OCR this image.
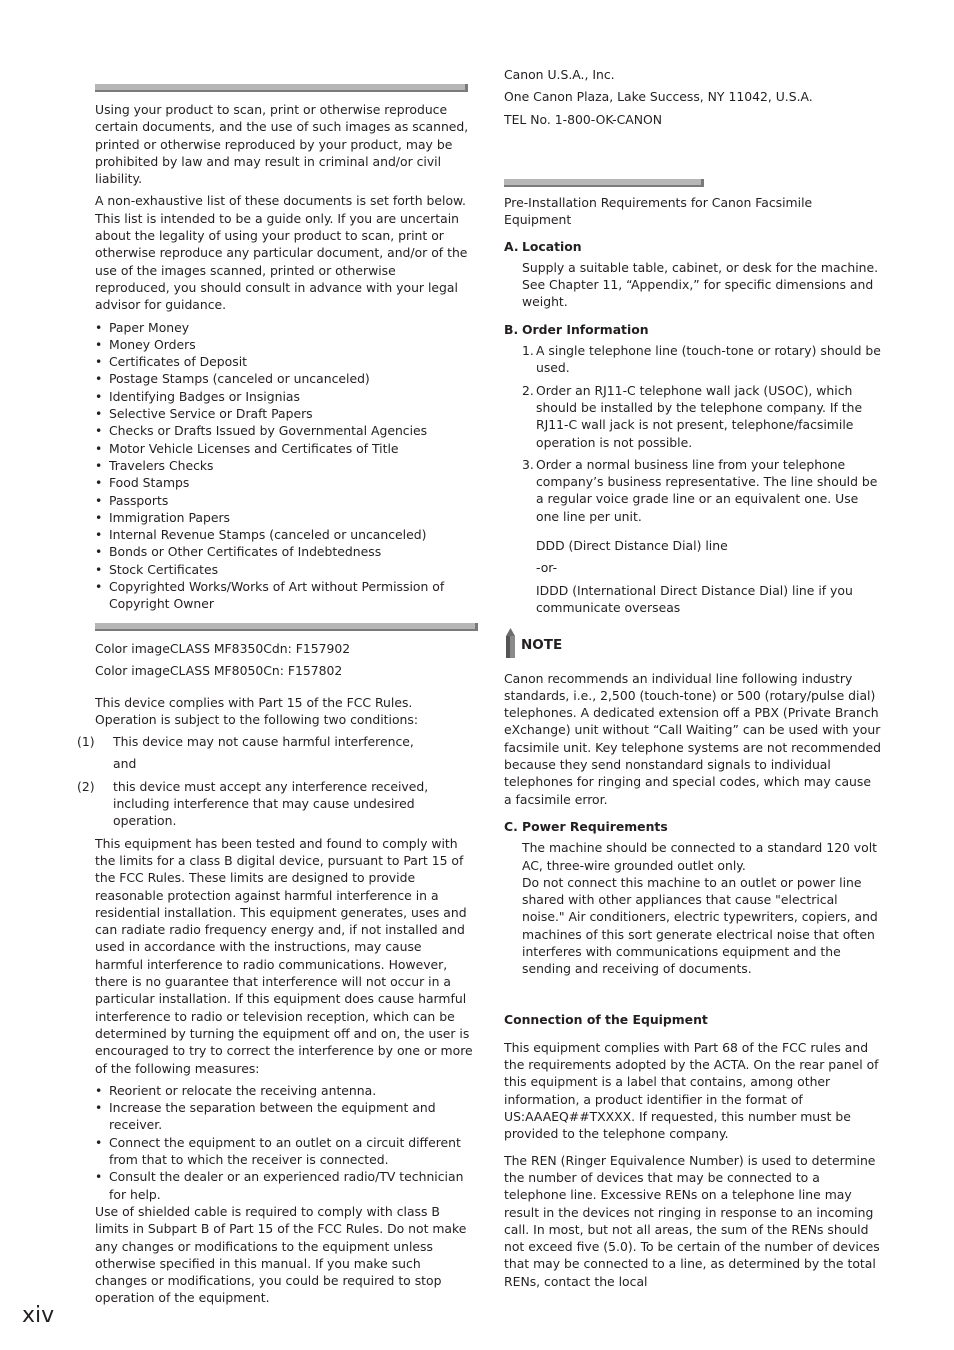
Using your product to scan, print or otherwise reproduce certain documents, and the use of such images as scanned, printed or otherwise reproduced by your product, may be prohibited by law and may result in criminal and/or civil liability.

A non-exhaustive list of these documents is set forth below. This list is intended to be a guide only. If you are uncertain about the legality of using your product to scan, print or otherwise reproduce any particular document, and/or of the use of the images scanned, printed or otherwise reproduced, you should consult in advance with your legal advisor for guidance.

• Paper Money
• Money Orders
• Certificates of Deposit
• Postage Stamps (canceled or uncanceled)
• Identifying Badges or Insignias
• Selective Service or Draft Papers
• Checks or Drafts Issued by Governmental Agencies
• Motor Vehicle Licenses and Certificates of Title
• Travelers Checks
• Food Stamps
• Passports
• Immigration Papers
• Internal Revenue Stamps (canceled or uncanceled)
• Bonds or Other Certificates of Indebtedness
• Stock Certificates
• Copyrighted Works/Works of Art without Permission of Copyright Owner

Color imageCLASS MF8350Cdn: F157902

Color imageCLASS MF8050Cn: F157802

This device complies with Part 15 of the FCC Rules. Operation is subject to the following two conditions:

(1) This device may not cause harmful interference,

and

(2) this device must accept any interference received, including interference that may cause undesired operation.

This equipment has been tested and found to comply with the limits for a class B digital device, pursuant to Part 15 of the FCC Rules. These limits are designed to provide reasonable protection against harmful interference in a residential installation. This equipment generates, uses and can radiate radio frequency energy and, if not installed and used in accordance with the instructions, may cause harmful interference to radio communications. However, there is no guarantee that interference will not occur in a particular installation. If this equipment does cause harmful interference to radio or television reception, which can be determined by turning the equipment off and on, the user is encouraged to try to correct the interference by one or more of the following measures:

• Reorient or relocate the receiving antenna.
• Increase the separation between the equipment and receiver.
• Connect the equipment to an outlet on a circuit different from that to which the receiver is connected.
• Consult the dealer or an experienced radio/TV technician for help.

Use of shielded cable is required to comply with class B limits in Subpart B of Part 15 of the FCC Rules. Do not make any changes or modifications to the equipment unless otherwise specified in this manual. If you make such changes or modifications, you could be required to stop operation of the equipment.

Canon U.S.A., Inc.

One Canon Plaza, Lake Success, NY 11042, U.S.A.

TEL No. 1-800-OK-CANON

Pre-Installation Requirements for Canon Facsimile Equipment

A. Location

Supply a suitable table, cabinet, or desk for the machine. See Chapter 11, “Appendix,” for specific dimensions and weight.

B. Order Information

1. A single telephone line (touch-tone or rotary) should be used.
2. Order an RJ11-C telephone wall jack (USOC), which should be installed by the telephone company. If the RJ11-C wall jack is not present, telephone/facsimile operation is not possible.
3. Order a normal business line from your telephone company’s business representative. The line should be a regular voice grade line or an equivalent one. Use one line per unit.

DDD (Direct Distance Dial) line

-or-

IDDD (International Direct Distance Dial) line if you communicate overseas

NOTE

Canon recommends an individual line following industry standards, i.e., 2,500 (touch-tone) or 500 (rotary/pulse dial) telephones. A dedicated extension off a PBX (Private Branch eXchange) unit without “Call Waiting” can be used with your facsimile unit. Key telephone systems are not recommended because they send nonstandard signals to individual telephones for ringing and special codes, which may cause a facsimile error.

C. Power Requirements

The machine should be connected to a standard 120 volt AC, three-wire grounded outlet only.

Do not connect this machine to an outlet or power line shared with other appliances that cause "electrical noise." Air conditioners, electric typewriters, copiers, and machines of this sort generate electrical noise that often interferes with communications equipment and the sending and receiving of documents.

Connection of the Equipment

This equipment complies with Part 68 of the FCC rules and the requirements adopted by the ACTA. On the rear panel of this equipment is a label that contains, among other information, a product identifier in the format of US:AAAEQ##TXXXX. If requested, this number must be provided to the telephone company.

The REN (Ringer Equivalence Number) is used to determine the number of devices that may be connected to a telephone line. Excessive RENs on a telephone line may result in the devices not ringing in response to an incoming call. In most, but not all areas, the sum of the RENs should not exceed five (5.0). To be certain of the number of devices that may be connected to a line, as determined by the total RENs, contact the local

xiv
